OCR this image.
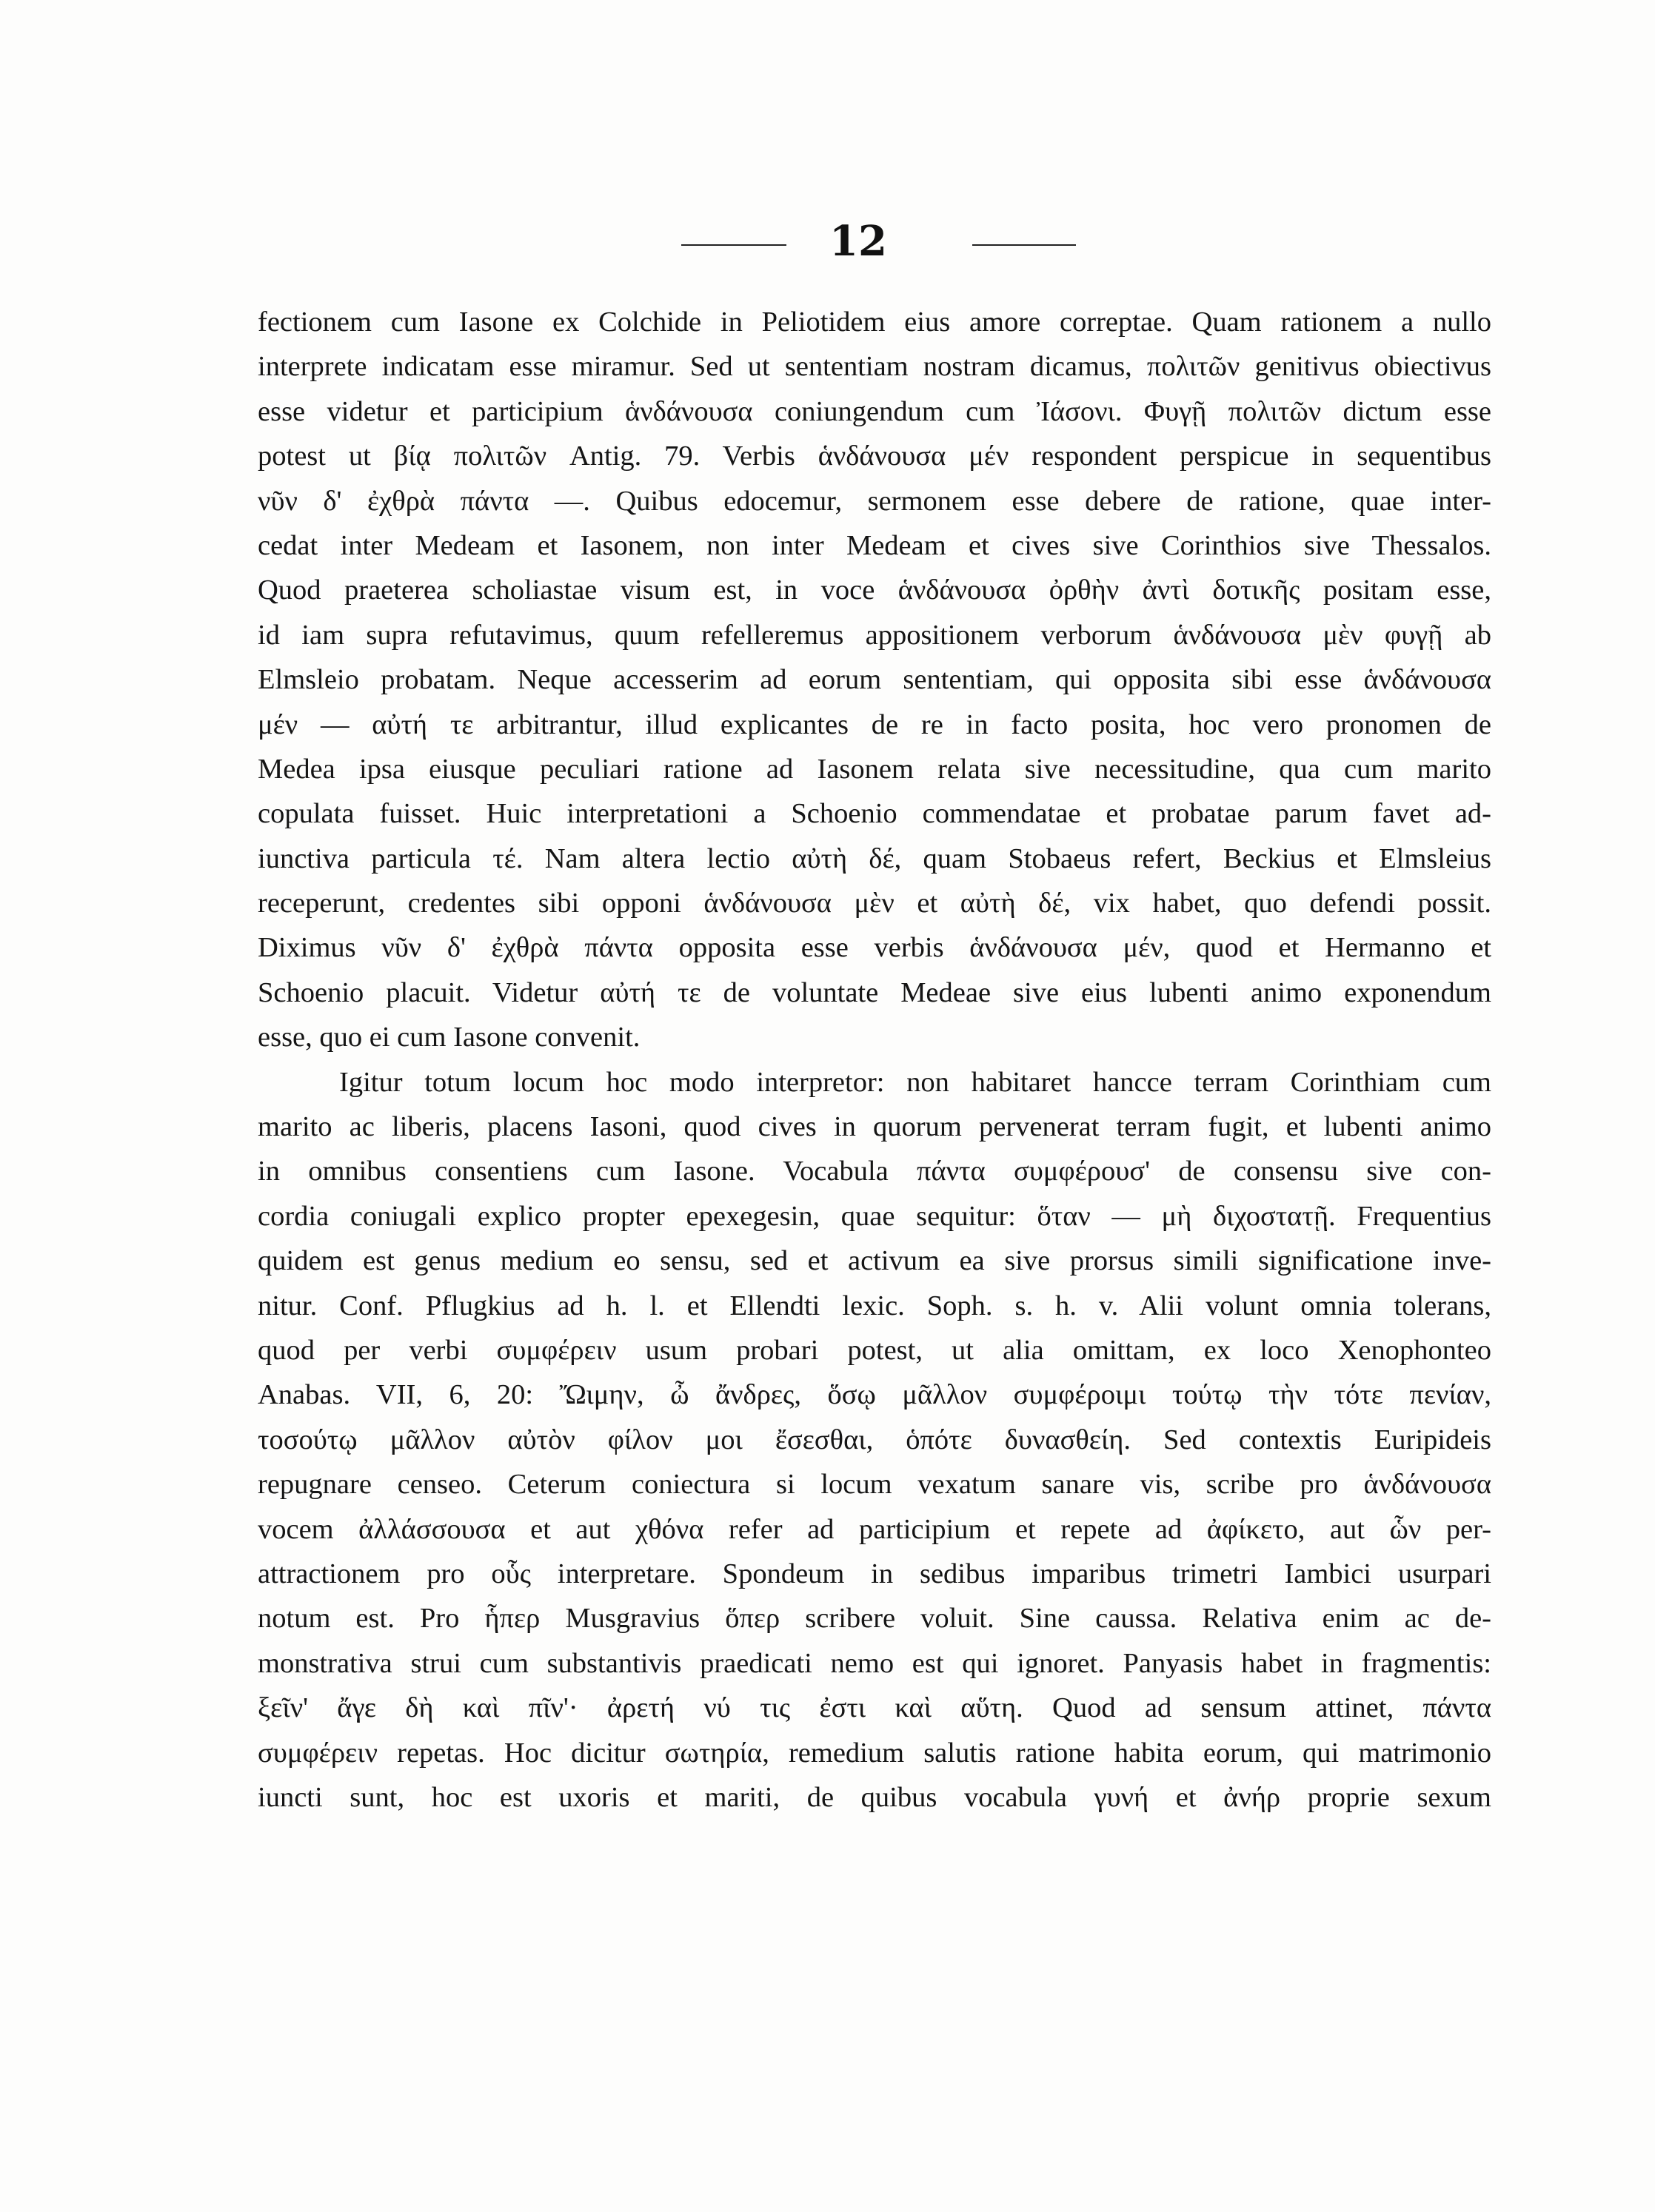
12
fectionem cum Iasone ex Colchide in Peliotidem eius amore correptae. Quam rationem a nullo
interprete indicatam esse miramur. Sed ut sententiam nostram dicamus, πολιτῶν genitivus obiectivus
esse videtur et participium ἁνδάνουσα coniungendum cum Ἰάσονι. Φυγῇ πολιτῶν dictum esse
potest ut βίᾳ πολιτῶν Antig. 79. Verbis ἁνδάνουσα μέν respondent perspicue in sequentibus
νῦν δ' ἐχθρὰ πάντα —. Quibus edocemur, sermonem esse debere de ratione, quae inter-
cedat inter Medeam et Iasonem, non inter Medeam et cives sive Corinthios sive Thessalos.
Quod praeterea scholiastae visum est, in voce ἁνδάνουσα ὀρθὴν ἀντὶ δοτικῆς positam esse,
id iam supra refutavimus, quum refelleremus appositionem verborum ἁνδάνουσα μὲν φυγῇ ab
Elmsleio probatam. Neque accesserim ad eorum sententiam, qui opposita sibi esse ἁνδάνουσα
μέν — αὐτή τε arbitrantur, illud explicantes de re in facto posita, hoc vero pronomen de
Medea ipsa eiusque peculiari ratione ad Iasonem relata sive necessitudine, qua cum marito
copulata fuisset. Huic interpretationi a Schoenio commendatae et probatae parum favet ad-
iunctiva particula τέ. Nam altera lectio αὐτὴ δέ, quam Stobaeus refert, Beckius et Elmsleius
receperunt, credentes sibi opponi ἁνδάνουσα μὲν et αὐτὴ δέ, vix habet, quo defendi possit.
Diximus νῦν δ' ἐχθρὰ πάντα opposita esse verbis ἁνδάνουσα μέν, quod et Hermanno et
Schoenio placuit. Videtur αὐτή τε de voluntate Medeae sive eius lubenti animo exponendum
esse, quo ei cum Iasone convenit.
Igitur totum locum hoc modo interpretor: non habitaret hancce terram Corinthiam cum
marito ac liberis, placens Iasoni, quod cives in quorum pervenerat terram fugit, et lubenti animo
in omnibus consentiens cum Iasone. Vocabula πάντα συμφέρουσ' de consensu sive con-
cordia coniugali explico propter epexegesin, quae sequitur: ὅταν — μὴ διχοστατῇ. Frequentius
quidem est genus medium eo sensu, sed et activum ea sive prorsus simili significatione inve-
nitur. Conf. Pflugkius ad h. l. et Ellendti lexic. Soph. s. h. v. Alii volunt omnia tolerans,
quod per verbi συμφέρειν usum probari potest, ut alia omittam, ex loco Xenophonteo
Anabas. VII, 6, 20: Ὤιμην, ὦ ἄνδρες, ὅσῳ μᾶλλον συμφέροιμι τούτῳ τὴν τότε πενίαν,
τοσούτῳ μᾶλλον αὐτὸν φίλον μοι ἔσεσθαι, ὁπότε δυνασθείη. Sed contextis Euripideis
repugnare censeo. Ceterum coniectura si locum vexatum sanare vis, scribe pro ἁνδάνουσα
vocem ἀλλάσσουσα et aut χθόνα refer ad participium et repete ad ἀφίκετο, aut ὧν per-
attractionem pro οὗς interpretare. Spondeum in sedibus imparibus trimetri Iambici usurpari
notum est. Pro ἧπερ Musgravius ὅπερ scribere voluit. Sine caussa. Relativa enim ac de-
monstrativa strui cum substantivis praedicati nemo est qui ignoret. Panyasis habet in fragmentis:
ξεῖν' ἄγε δὴ καὶ πῖν'· ἀρετή νύ τις ἐστι καὶ αὕτη. Quod ad sensum attinet, πάντα
συμφέρειν repetas. Hoc dicitur σωτηρία, remedium salutis ratione habita eorum, qui matrimonio
iuncti sunt, hoc est uxoris et mariti, de quibus vocabula γυνή et ἀνήρ proprie sexum
